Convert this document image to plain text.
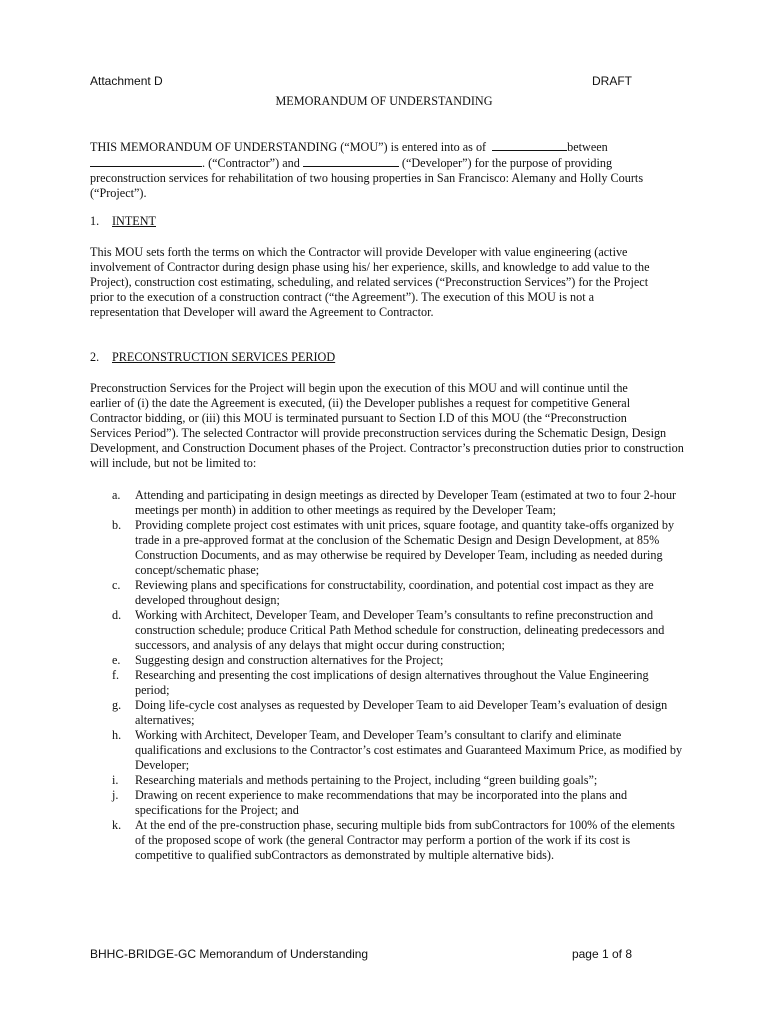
Attachment D	DRAFT
MEMORANDUM OF UNDERSTANDING
THIS MEMORANDUM OF UNDERSTANDING (“MOU”) is entered into as of	between
. (“Contractor”) and	(“Developer”) for the purpose of providing
preconstruction services for rehabilitation of two housing properties in San Francisco: Alemany and Holly Courts
(“Project”).
1.	INTENT
This MOU sets forth the terms on which the Contractor will provide Developer with value engineering (active
involvement of Contractor during design phase using his/ her experience, skills, and knowledge to add value to the
Project), construction cost estimating, scheduling, and related services (“Preconstruction Services”) for the Project
prior to the execution of a construction contract (“the Agreement”). The execution of this MOU is not a
representation that Developer will award the Agreement to Contractor.
2.	PRECONSTRUCTION SERVICES PERIOD
Preconstruction Services for the Project will begin upon the execution of this MOU and will continue until the
earlier of (i) the date the Agreement is executed, (ii) the Developer publishes a request for competitive General
Contractor bidding, or (iii) this MOU is terminated pursuant to Section I.D of this MOU (the “Preconstruction
Services Period”). The selected Contractor will provide preconstruction services during the Schematic Design, Design
Development, and Construction Document phases of the Project. Contractor’s preconstruction duties prior to construction
will include, but not be limited to:
a.	Attending and participating in design meetings as directed by Developer Team (estimated at two to four 2-hour
meetings per month) in addition to other meetings as required by the Developer Team;
b.	Providing complete project cost estimates with unit prices, square footage, and quantity take-offs organized by
trade in a pre-approved format at the conclusion of the Schematic Design and Design Development, at 85%
Construction Documents, and as may otherwise be required by Developer Team, including as needed during
concept/schematic phase;
c.	Reviewing plans and specifications for constructability, coordination, and potential cost impact as they are
developed throughout design;
d.	Working with Architect, Developer Team, and Developer Team’s consultants to refine preconstruction and
construction schedule; produce Critical Path Method schedule for construction, delineating predecessors and
successors, and analysis of any delays that might occur during construction;
e.	Suggesting design and construction alternatives for the Project;
f.	Researching and presenting the cost implications of design alternatives throughout the Value Engineering
period;
g.	Doing life-cycle cost analyses as requested by Developer Team to aid Developer Team’s evaluation of design
alternatives;
h.	Working with Architect, Developer Team, and Developer Team’s consultant to clarify and eliminate
qualifications and exclusions to the Contractor’s cost estimates and Guaranteed Maximum Price, as modified by
Developer;
i.	Researching materials and methods pertaining to the Project, including “green building goals”;
j.	Drawing on recent experience to make recommendations that may be incorporated into the plans and
specifications for the Project; and
k.	At the end of the pre-construction phase, securing multiple bids from subContractors for 100% of the elements
of the proposed scope of work (the general Contractor may perform a portion of the work if its cost is
competitive to qualified subContractors as demonstrated by multiple alternative bids).
BHHC-BRIDGE-GC Memorandum of Understanding	page 1 of 8
